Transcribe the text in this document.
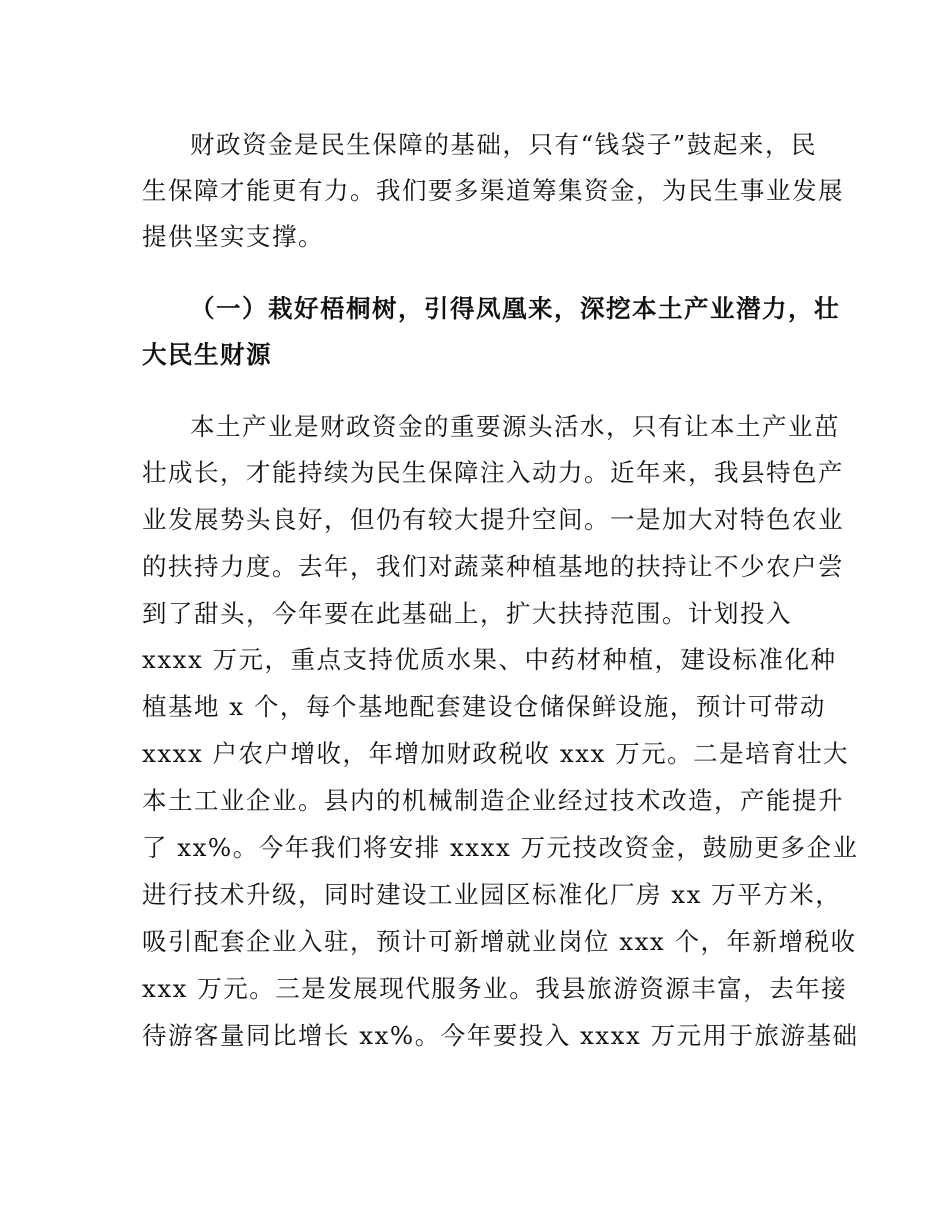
财政资金是民生保障的基础，只有“钱袋子”鼓起来，民
生保障才能更有力。我们要多渠道筹集资金，为民生事业发展
提供坚实支撑。
（一）栽好梧桐树，引得凤凰来，深挖本土产业潜力，壮
大民生财源
本土产业是财政资金的重要源头活水，只有让本土产业茁
壮成长，才能持续为民生保障注入动力。近年来，我县特色产
业发展势头良好，但仍有较大提升空间。一是加大对特色农业
的扶持力度。去年，我们对蔬菜种植基地的扶持让不少农户尝
到了甜头，今年要在此基础上，扩大扶持范围。计划投入
xxxx 万元，重点支持优质水果、中药材种植，建设标准化种
植基地 x 个，每个基地配套建设仓储保鲜设施，预计可带动
xxxx 户农户增收，年增加财政税收 xxx 万元。二是培育壮大
本土工业企业。县内的机械制造企业经过技术改造，产能提升
了 xx%。今年我们将安排 xxxx 万元技改资金，鼓励更多企业
进行技术升级，同时建设工业园区标准化厂房 xx 万平方米，
吸引配套企业入驻，预计可新增就业岗位 xxx 个，年新增税收
xxx 万元。三是发展现代服务业。我县旅游资源丰富，去年接
待游客量同比增长 xx%。今年要投入 xxxx 万元用于旅游基础
